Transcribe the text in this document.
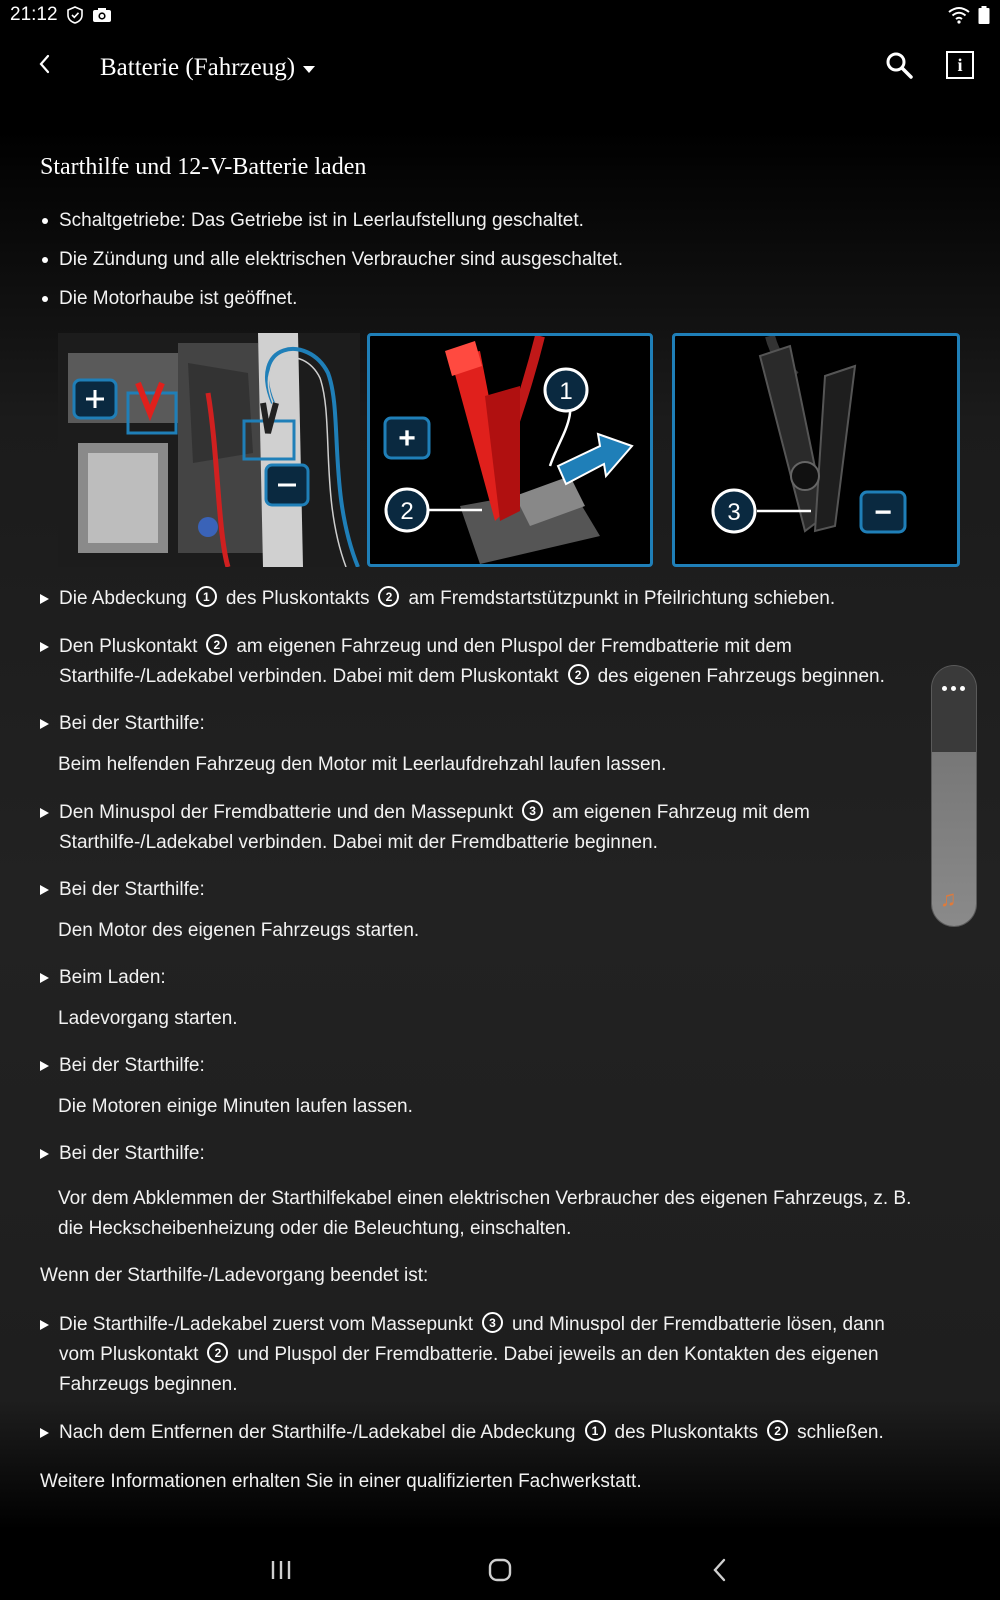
21:12
Batterie (Fahrzeug)	i
Starthilfe und 12-V-Batterie laden
Schaltgetriebe: Das Getriebe ist in Leerlaufstellung geschaltet.
Die Zündung und alle elektrischen Verbraucher sind ausgeschaltet.
Die Motorhaube ist geöffnet.
1
+
2	3	−
Die Abdeckung 1 des Pluskontakts 2 am Fremdstartstützpunkt in Pfeilrichtung schieben.
Den Pluskontakt 2 am eigenen Fahrzeug und den Pluspol der Fremdbatterie mit dem
Starthilfe-/Ladekabel verbinden. Dabei mit dem Pluskontakt 2 des eigenen Fahrzeugs beginnen.
Bei der Starthilfe:
Beim helfenden Fahrzeug den Motor mit Leerlaufdrehzahl laufen lassen.
Den Minuspol der Fremdbatterie und den Massepunkt 3 am eigenen Fahrzeug mit dem
Starthilfe-/Ladekabel verbinden. Dabei mit der Fremdbatterie beginnen.
Bei der Starthilfe:
Den Motor des eigenen Fahrzeugs starten.
Beim Laden:
Ladevorgang starten.
Bei der Starthilfe:
Die Motoren einige Minuten laufen lassen.
Bei der Starthilfe:
Vor dem Abklemmen der Starthilfekabel einen elektrischen Verbraucher des eigenen Fahrzeugs, z. B.
die Heckscheibenheizung oder die Beleuchtung, einschalten.
Wenn der Starthilfe-/Ladevorgang beendet ist:
Die Starthilfe-/Ladekabel zuerst vom Massepunkt 3 und Minuspol der Fremdbatterie lösen, dann
vom Pluskontakt 2 und Pluspol der Fremdbatterie. Dabei jeweils an den Kontakten des eigenen
Fahrzeugs beginnen.
Nach dem Entfernen der Starthilfe-/Ladekabel die Abdeckung 1 des Pluskontakts 2 schließen.
Weitere Informationen erhalten Sie in einer qualifizierten Fachwerkstatt.
♫
